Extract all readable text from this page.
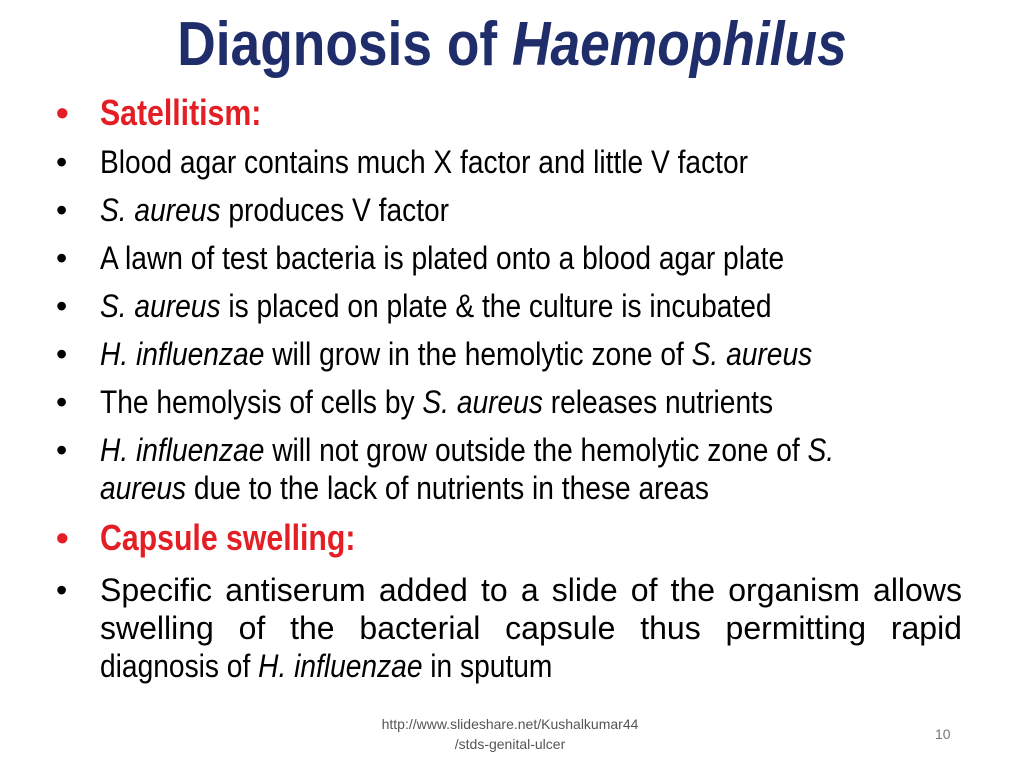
Diagnosis of Haemophilus
• Satellitism:
•	Blood agar contains much X factor and little V factor
•	S. aureus produces V factor
•	A lawn of test bacteria is plated onto a blood agar plate
•	S. aureus is placed on plate & the culture is incubated
•	H. influenzae will grow in the hemolytic zone of S. aureus
•	The hemolysis of cells by S. aureus releases nutrients
•	H. influenzae will not grow outside the hemolytic zone of S.
aureus due to the lack of nutrients in these areas
• Capsule swelling:
•	Specific antiserum added to a slide of the organism allows
swelling of the bacterial capsule thus permitting rapid
diagnosis of H. influenzae in sputum
http://www.slideshare.net/Kushalkumar44
/stds-genital-ulcer
10
